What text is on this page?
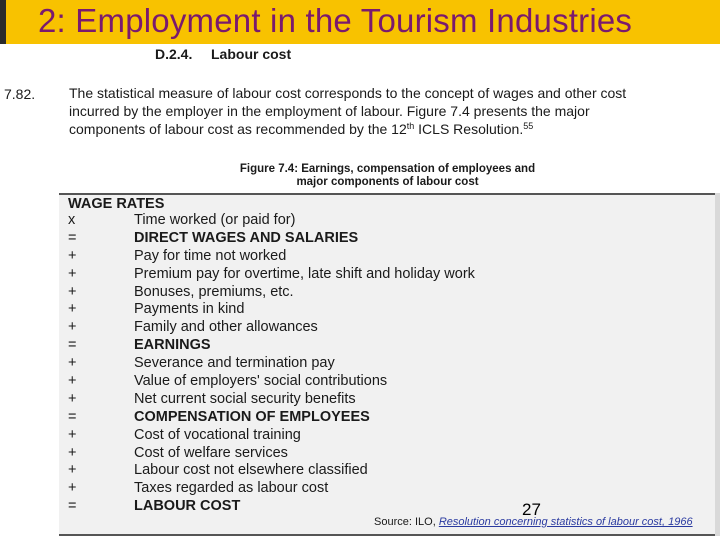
2: Employment in the Tourism Industries
D.2.4. Labour cost
7.82. The statistical measure of labour cost corresponds to the concept of wages and other cost
incurred by the employer in the employment of labour. Figure 7.4 presents the major
components of labour cost as recommended by the 12th ICLS Resolution.$^{55}$
Figure 7.4: Earnings, compensation of employees and
major components of labour cost
WAGE RATES
x	Time worked (or paid for)
=	DIRECT WAGES AND SALARIES
+	Pay for time not worked
+	Premium pay for overtime, late shift and holiday work
+	Bonuses, premiums, etc.
+	Payments in kind
+	Family and other allowances
=	EARNINGS
+	Severance and termination pay
+	Value of employers' social contributions
+	Net current social security benefits
=	COMPENSATION OF EMPLOYEES
+	Cost of vocational training
+	Cost of welfare services
+	Labour cost not elsewhere classified
+	Taxes regarded as labour cost
=	LABOUR COST
Source: ILO, Resolution concerning statistics of labour cost, 1966
27
